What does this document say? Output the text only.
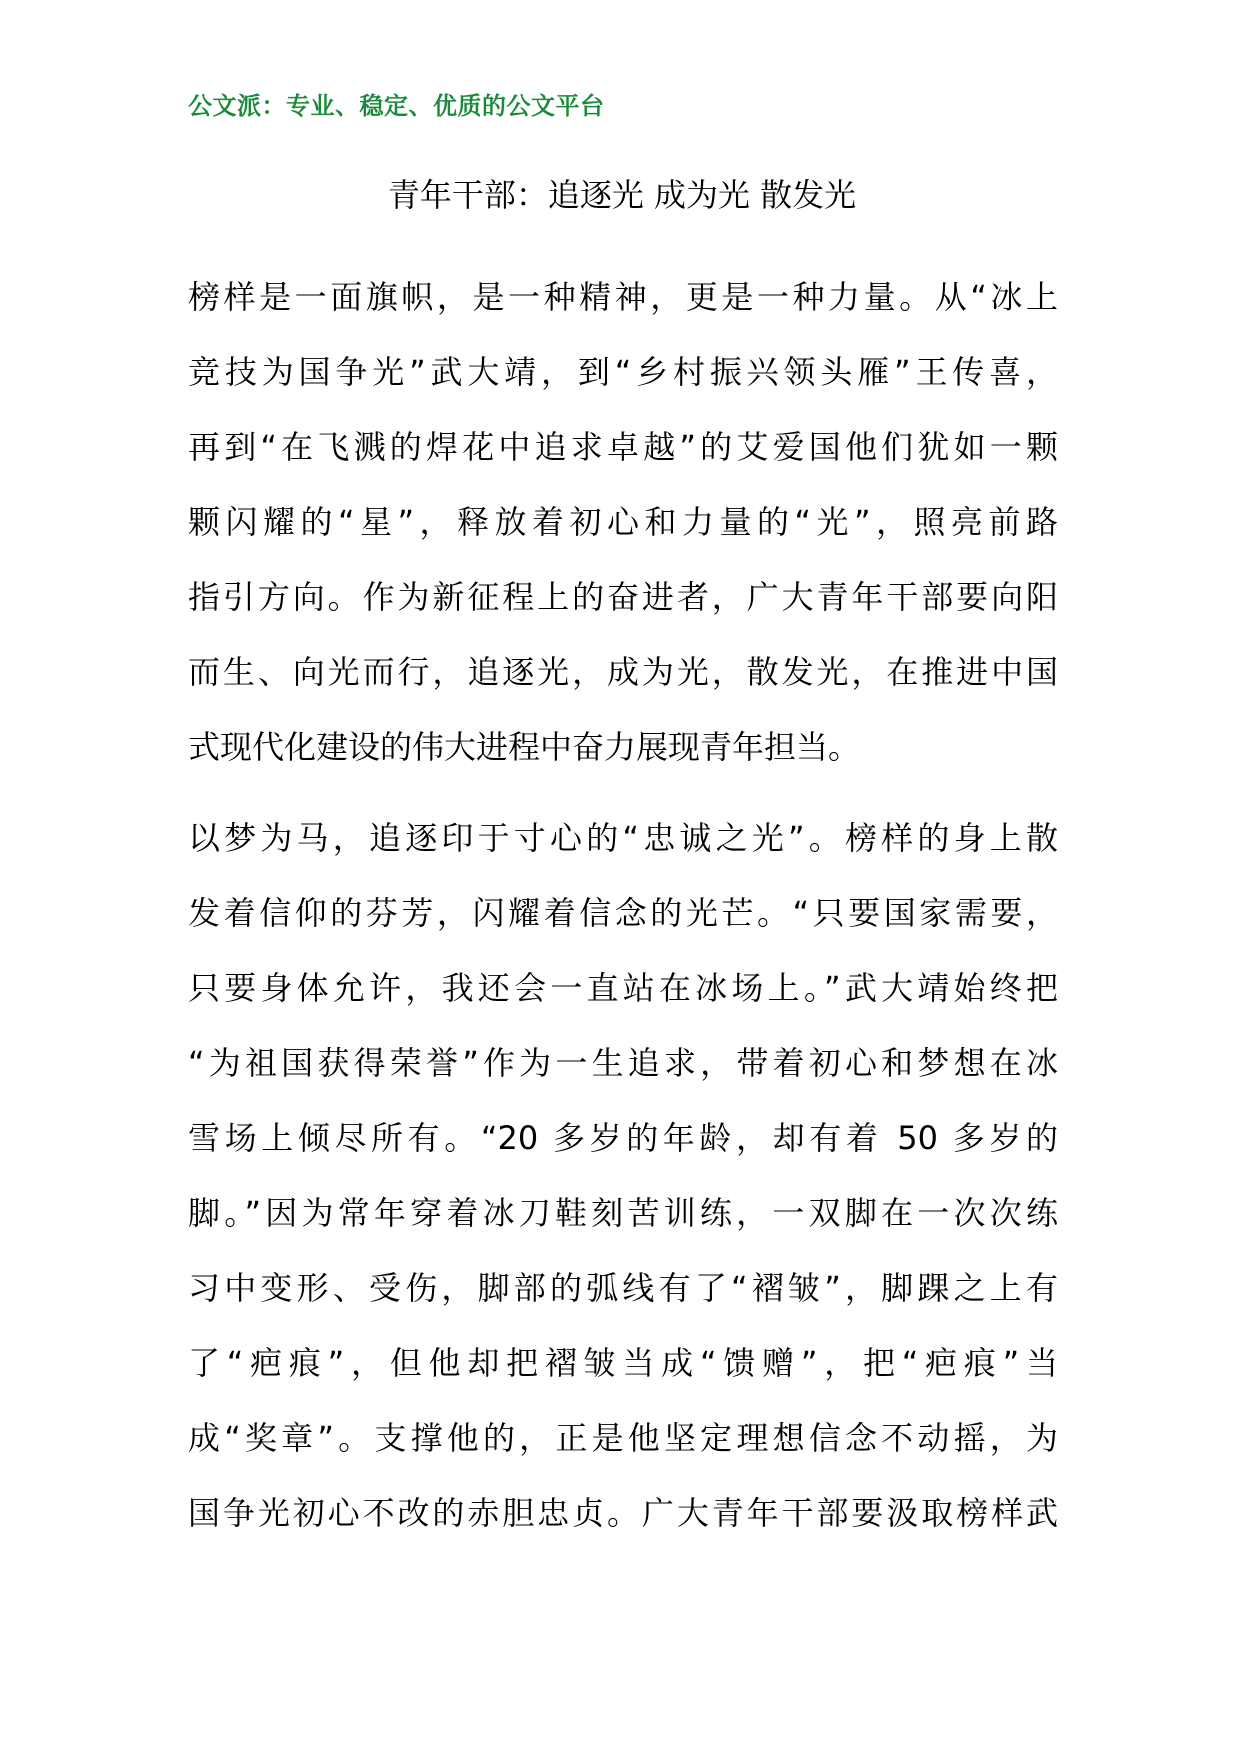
公文派：专业、稳定、优质的公文平台
青年干部：追逐光 成为光 散发光

榜样是一面旗帜，是一种精神，更是一种力量。从“冰上
竞技为国争光”武大靖，到“乡村振兴领头雁”王传喜，
再到“在飞溅的焊花中追求卓越”的艾爱国他们犹如一颗
颗闪耀的“星”，释放着初心和力量的“光”，照亮前路
指引方向。作为新征程上的奋进者，广大青年干部要向阳
而生、向光而行，追逐光，成为光，散发光，在推进中国
式现代化建设的伟大进程中奋力展现青年担当。

以梦为马，追逐印于寸心的“忠诚之光”。榜样的身上散
发着信仰的芬芳，闪耀着信念的光芒。“只要国家需要，
只要身体允许，我还会一直站在冰场上。”武大靖始终把
“为祖国获得荣誉”作为一生追求，带着初心和梦想在冰
雪场上倾尽所有。“20 多岁的年龄，却有着 50 多岁的
脚。”因为常年穿着冰刀鞋刻苦训练，一双脚在一次次练
习中变形、受伤，脚部的弧线有了“褶皱”，脚踝之上有
了“疤痕”，但他却把褶皱当成“馈赠”，把“疤痕”当
成“奖章”。支撑他的，正是他坚定理想信念不动摇，为
国争光初心不改的赤胆忠贞。广大青年干部要汲取榜样武
